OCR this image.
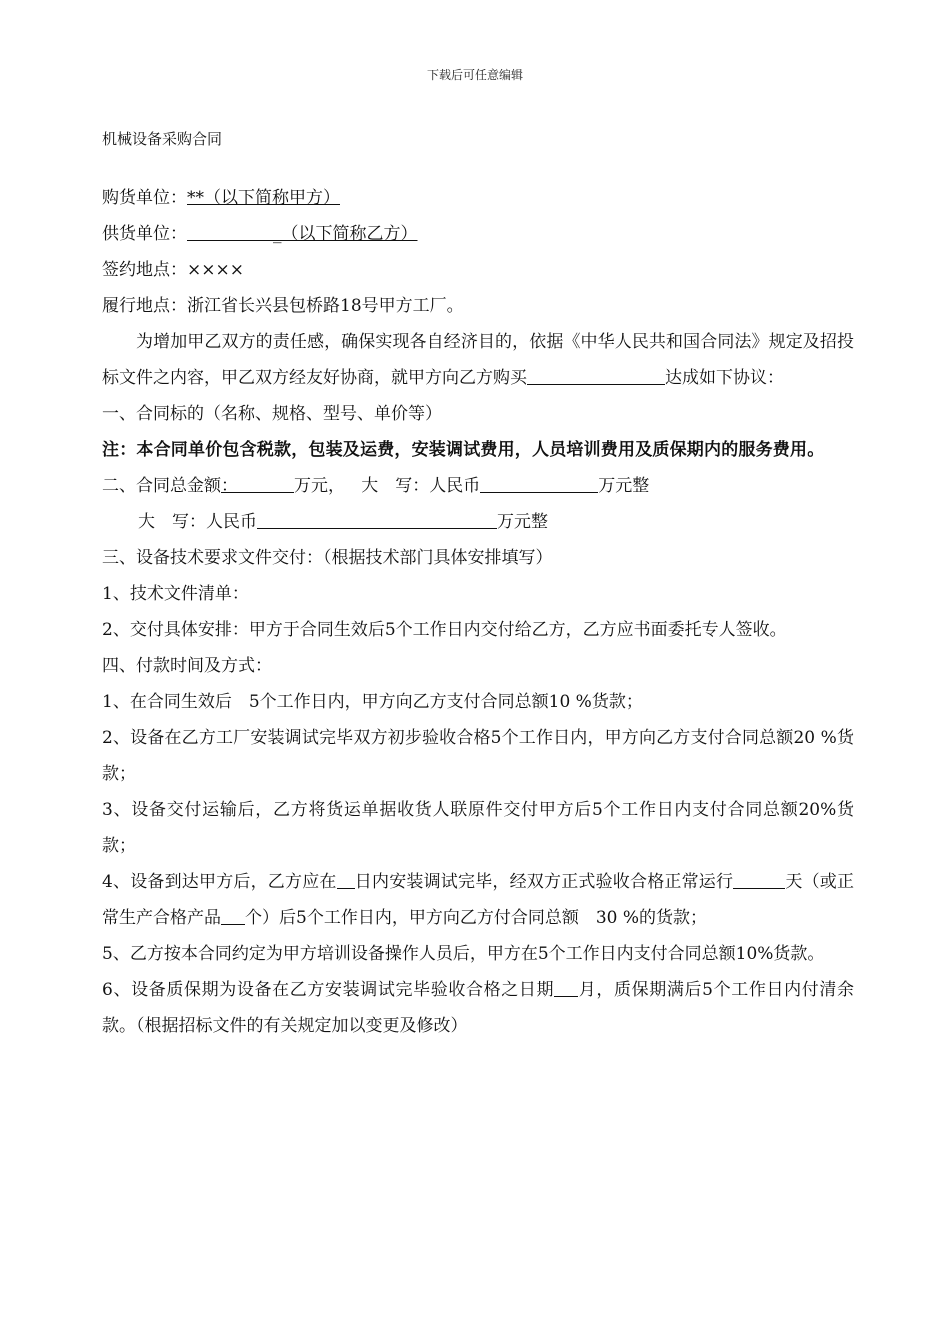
下载后可任意编辑
机械设备采购合同

购货单位：**（以下简称甲方）

供货单位：	_（以下简称乙方）

签约地点：××××

履行地点：浙江省长兴县包桥路18号甲方工厂。

为增加甲乙双方的责任感，确保实现各自经济目的，依据《中华人民共和国合同法》规定及招投标文件之内容，甲乙双方经友好协商，就甲方向乙方购买	达成如下协议：

一、合同标的（名称、规格、型号、单价等）

注：本合同单价包含税款，包装及运费，安装调试费用，人员培训费用及质保期内的服务费用。

二、合同总金额：	万元， 大　写：人民币	万元整

大　写：人民币	万元整

三、设备技术要求文件交付：（根据技术部门具体安排填写）

1、技术文件清单：

2、交付具体安排：甲方于合同生效后5个工作日内交付给乙方，乙方应书面委托专人签收。

四、付款时间及方式：

1、在合同生效后　5个工作日内，甲方向乙方支付合同总额10 %货款；

2、设备在乙方工厂安装调试完毕双方初步验收合格5个工作日内，甲方向乙方支付合同总额20 %货款；

3、设备交付运输后，乙方将货运单据收货人联原件交付甲方后5个工作日内支付合同总额20%货款；

4、设备到达甲方后，乙方应在 日内安装调试完毕，经双方正式验收合格正常运行	天（或正常生产合格产品 个）后5个工作日内，甲方向乙方付合同总额　30 %的货款；

5、乙方按本合同约定为甲方培训设备操作人员后，甲方在5个工作日内支付合同总额10%货款。

6、设备质保期为设备在乙方安装调试完毕验收合格之日期 月，质保期满后5个工作日内付清余款。（根据招标文件的有关规定加以变更及修改）
